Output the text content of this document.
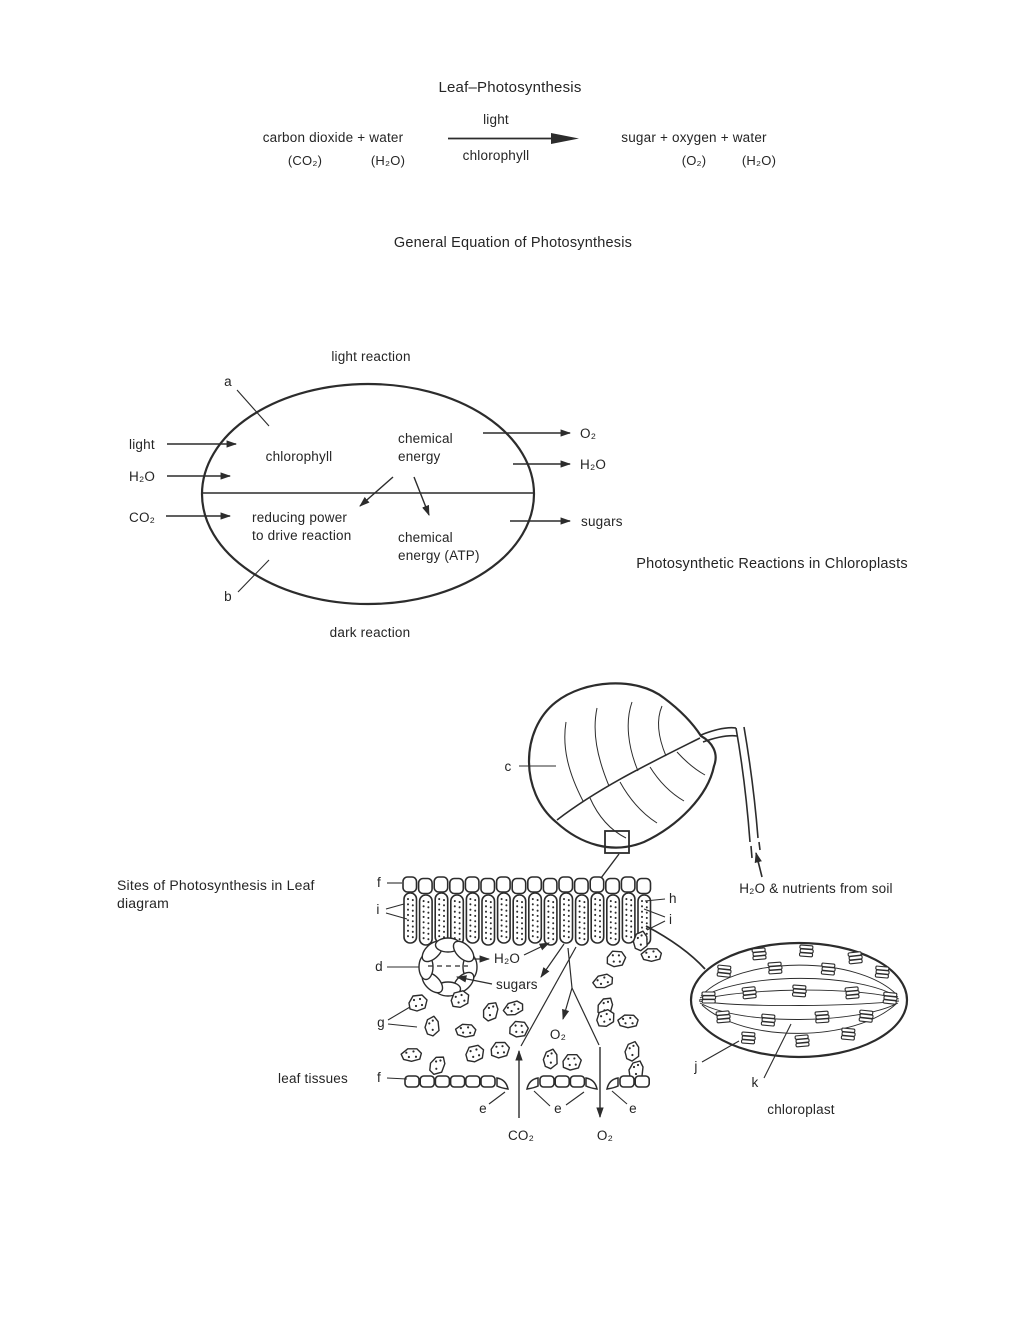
Leaf–Photosynthesis
carbon dioxide + water
(CO₂)	(H₂O)
light
chlorophyll
sugar + oxygen + water
(O₂)	(H₂O)
General Equation of Photosynthesis
light reaction
dark reaction
a
b
chlorophyll
chemical
energy
reducing power
to drive reaction	chemical
energy (ATP)
light
H₂O
CO₂
O₂
H₂O
sugars
Photosynthetic Reactions in Chloroplasts
Sites of Photosynthesis in Leaf
diagram
leaf tissues
H₂O & nutrients from soil
c
f
i
d
g
f
h
i
e	e	e
H₂O
sugars
O₂
CO₂	O₂
j
k
chloroplast
